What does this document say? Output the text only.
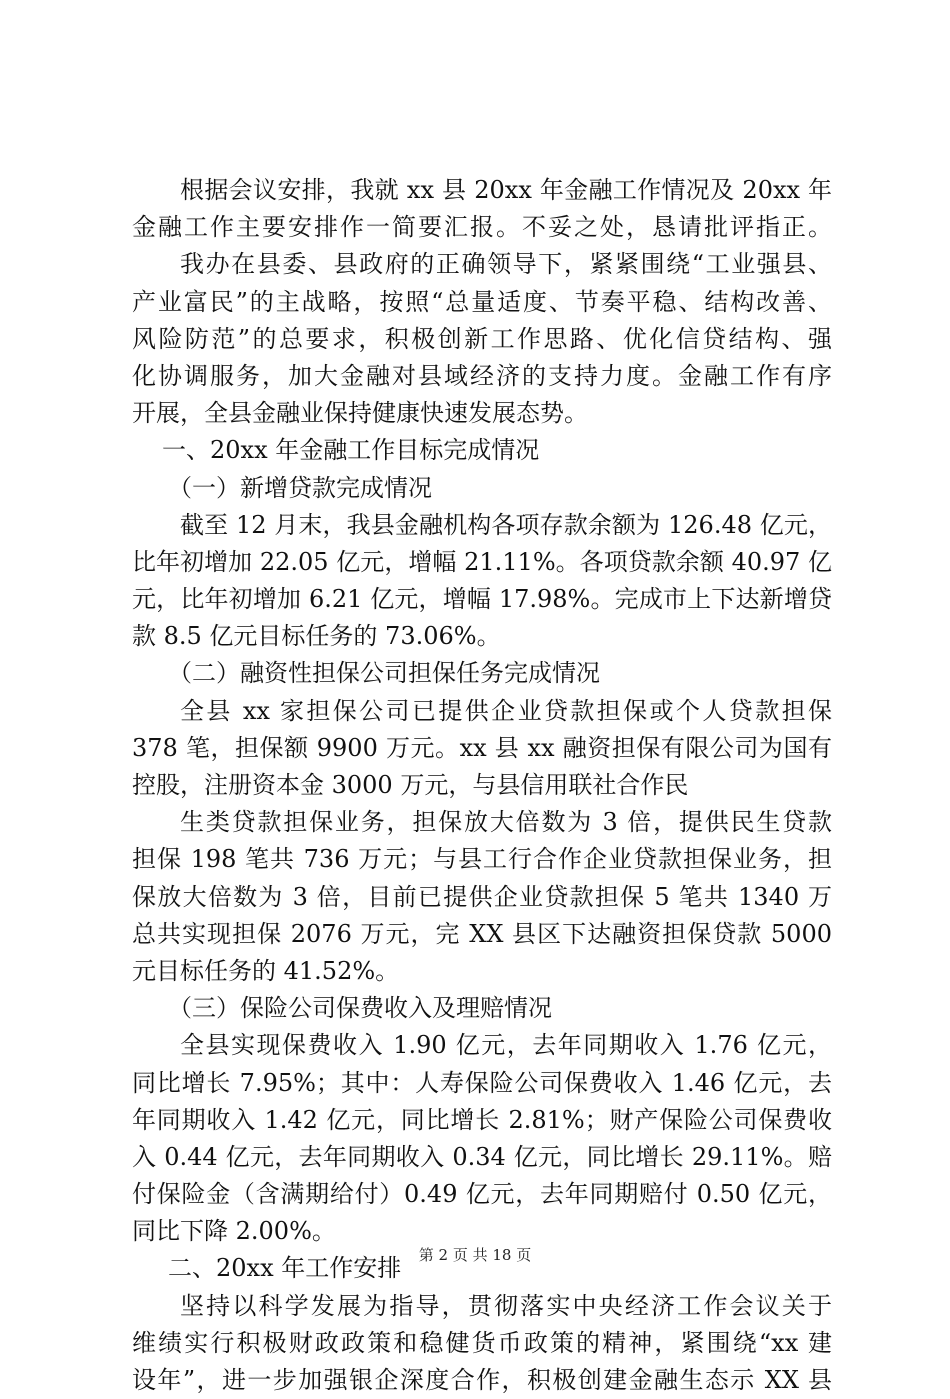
根据会议安排，我就 xx 县 20xx 年金融工作情况及 20xx 年
金融工作主要安排作一简要汇报。不妥之处，恳请批评指正。
我办在县委、县政府的正确领导下，紧紧围绕“工业强县、
产业富民”的主战略，按照“总量适度、节奏平稳、结构改善、
风险防范”的总要求，积极创新工作思路、优化信贷结构、强
化协调服务，加大金融对县域经济的支持力度。金融工作有序
开展，全县金融业保持健康快速发展态势。
一、20xx 年金融工作目标完成情况
（一）新增贷款完成情况
截至 12 月末，我县金融机构各项存款余额为 126.48 亿元，
比年初增加 22.05 亿元，增幅 21.11%。各项贷款余额 40.97 亿
元，比年初增加 6.21 亿元，增幅 17.98%。完成市上下达新增贷
款 8.5 亿元目标任务的 73.06%。
（二）融资性担保公司担保任务完成情况
全县 xx 家担保公司已提供企业贷款担保或个人贷款担保
378 笔，担保额 9900 万元。xx 县 xx 融资担保有限公司为国有
控股，注册资本金 3000 万元，与县信用联社合作民
生类贷款担保业务，担保放大倍数为 3 倍，提供民生贷款
担保 198 笔共 736 万元；与县工行合作企业贷款担保业务，担
保放大倍数为 3 倍，目前已提供企业贷款担保 5 笔共 1340 万
总共实现担保 2076 万元，完 XX 县区下达融资担保贷款 5000
元目标任务的 41.52%。
（三）保险公司保费收入及理赔情况
全县实现保费收入 1.90 亿元，去年同期收入 1.76 亿元，
同比增长 7.95%；其中：人寿保险公司保费收入 1.46 亿元，去
年同期收入 1.42 亿元，同比增长 2.81%；财产保险公司保费收
入 0.44 亿元，去年同期收入 0.34 亿元，同比增长 29.11%。赔
付保险金（含满期给付）0.49 亿元，去年同期赔付 0.50 亿元，
同比下降 2.00%。
二、20xx 年工作安排
坚持以科学发展为指导，贯彻落实中央经济工作会议关于
维绩实行积极财政政策和稳健货币政策的精神，紧围绕“xx 建
设年”，进一步加强银企深度合作，积极创建金融生态示 XX 县
第 2 页 共 18 页
